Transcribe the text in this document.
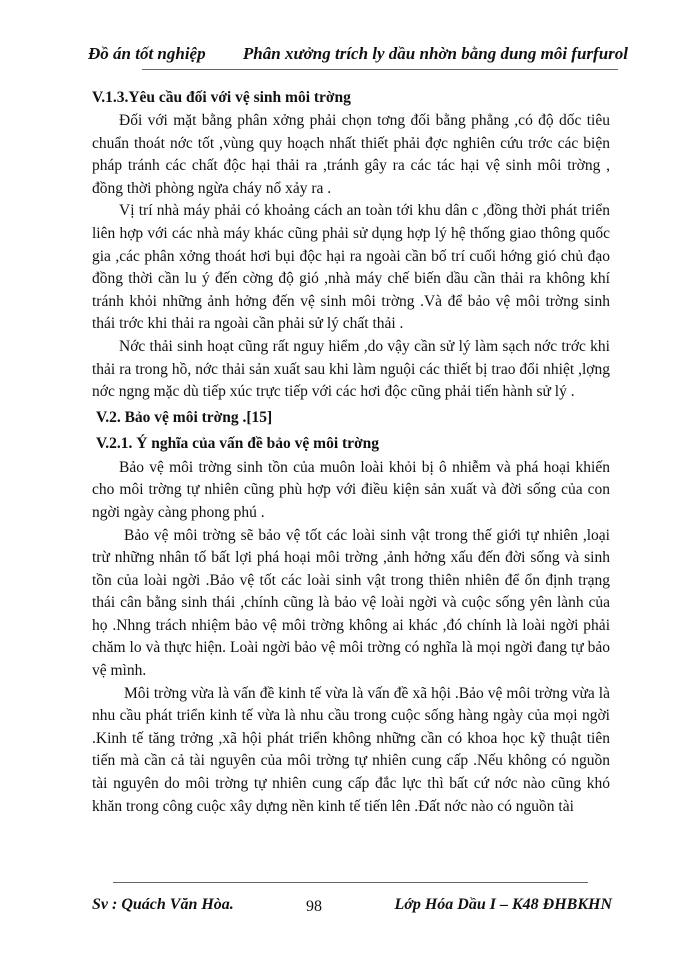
Đồ án tốt nghiệp Phân xưởng trích ly dầu nhờn bằng dung môi furfurol
V.1.3.Yêu cầu đối với vệ sinh môi trờng

Đối với mặt bằng phân xởng phải chọn tơng đối bằng phẳng ,có độ dốc tiêu chuẩn thoát nớc tốt ,vùng quy hoạch nhất thiết phải đợc nghiên cứu trớc các biện pháp tránh các chất độc hại thải ra ,tránh gây ra các tác hại vệ sinh môi trờng , đồng thời phòng ngừa cháy nổ xảy ra .

Vị trí nhà máy phải có khoảng cách an toàn tới khu dân c ,đồng thời phát triển liên hợp với các nhà máy khác cũng phải sử dụng hợp lý hệ thống giao thông quốc gia ,các phân xởng thoát hơi bụi độc hại ra ngoài cần bố trí cuối hớng gió chủ đạo đồng thời cần lu ý đến cờng độ gió ,nhà máy chế biến dầu cần thải ra không khí tránh khỏi những ảnh hởng đến vệ sinh môi trờng .Và để bảo vệ môi trờng sinh thái trớc khi thải ra ngoài cần phải sử lý chất thải .

Nớc thải sinh hoạt cũng rất nguy hiểm ,do vậy cần sử lý làm sạch nớc trớc khi thải ra trong hồ, nớc thải sản xuất sau khi làm nguội các thiết bị trao đổi nhiệt ,lợng nớc ngng mặc dù tiếp xúc trực tiếp với các hơi độc cũng phải tiến hành sử lý .

V.2. Bảo vệ môi trờng .[15]
V.2.1. Ý nghĩa của vấn đề bảo vệ môi trờng

Bảo vệ môi trờng sinh tồn của muôn loài khỏi bị ô nhiễm và phá hoại khiến cho môi trờng tự nhiên cũng phù hợp với điều kiện sản xuất và đời sống của con ngời ngày càng phong phú .

Bảo vệ môi trờng sẽ bảo vệ tốt các loài sinh vật trong thế giới tự nhiên ,loại trừ những nhân tố bất lợi phá hoại môi trờng ,ảnh hởng xấu đến đời sống và sinh tồn của loài ngời .Bảo vệ tốt các loài sinh vật trong thiên nhiên để ổn định trạng thái cân bằng sinh thái ,chính cũng là bảo vệ loài ngời và cuộc sống yên lành của họ .Nhng trách nhiệm bảo vệ môi trờng không ai khác ,đó chính là loài ngời phải chăm lo và thực hiện. Loài ngời bảo vệ môi trờng có nghĩa là mọi ngời đang tự bảo vệ mình.

Môi trờng vừa là vấn đề kinh tế vừa là vấn đề xã hội .Bảo vệ môi trờng vừa là nhu cầu phát triển kinh tế vừa là nhu cầu trong cuộc sống hàng ngày của mọi ngời .Kinh tế tăng trởng ,xã hội phát triển không những cần có khoa học kỹ thuật tiên tiến mà cần cả tài nguyên của môi trờng tự nhiên cung cấp .Nếu không có nguồn tài nguyên do môi trờng tự nhiên cung cấp đắc lực thì bất cứ nớc nào cũng khó khăn trong công cuộc xây dựng nền kinh tế tiến lên .Đất nớc nào có nguồn tài

Sv : Quách Văn Hòa.	98	Lớp Hóa Dầu I – K48 ĐHBKHN
